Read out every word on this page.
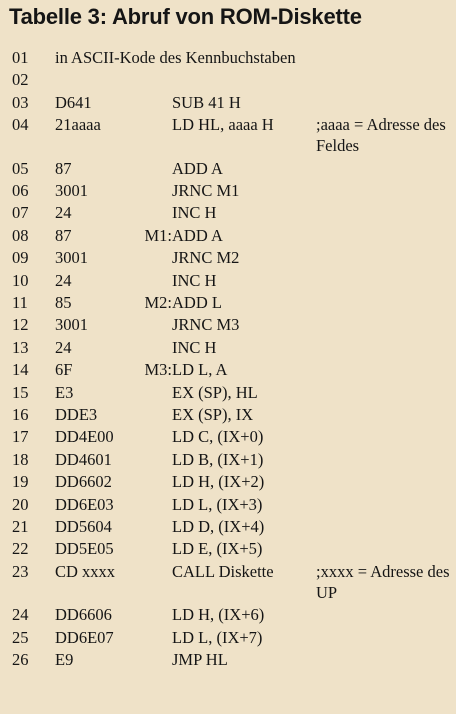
Tabelle 3: Abruf von ROM-Diskette
01 in ASCII-Kode des Kennbuchstaben
02
03 D641	SUB 41 H
04 21aaaa	LD HL, aaaa H	;aaaa = Adresse des Feldes
05 87	ADD A
06 3001	JRNC M1
07 24	INC H
08 87	M1: ADD A
09 3001	JRNC M2
10 24	INC H
11 85	M2: ADD L
12 3001	JRNC M3
13 24	INC H
14 6F	M3: LD L, A
15 E3	EX (SP), HL
16 DDE3	EX (SP), IX
17 DD4E00	LD C, (IX+0)
18 DD4601	LD B, (IX+1)
19 DD6602	LD H, (IX+2)
20 DD6E03	LD L, (IX+3)
21 DD5604	LD D, (IX+4)
22 DD5E05	LD E, (IX+5)
23 CD xxxx	CALL Diskette	;xxxx = Adresse des UP
24 DD6606	LD H, (IX+6)
25 DD6E07	LD L, (IX+7)
26 E9	JMP HL
